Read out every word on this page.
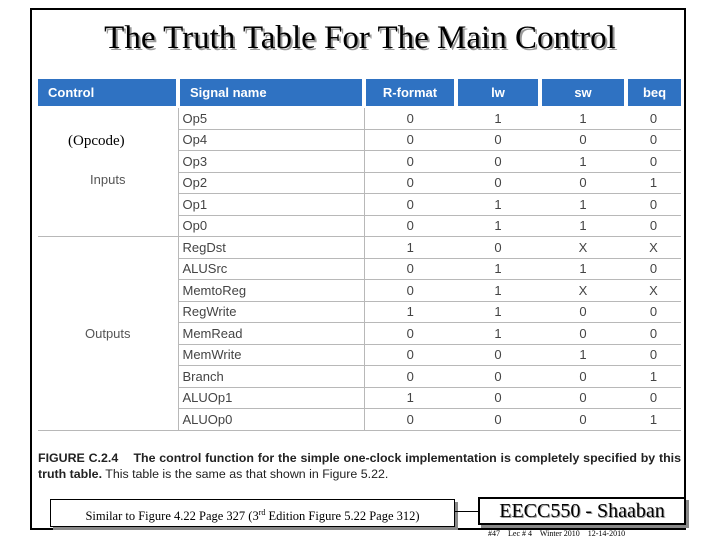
The Truth Table For The Main Control
Control	Signal name	R-format	lw	sw	beq
Inputs	Op5	0	1	1	0
	Op4	0	0	0	0
	Op3	0	0	1	0
	Op2	0	0	0	1
	Op1	0	1	1	0
	Op0	0	1	1	0
Outputs	RegDst	1	0	X	X
	ALUSrc	0	1	1	0
	MemtoReg	0	1	X	X
	RegWrite	1	1	0	0
	MemRead	0	1	0	0
	MemWrite	0	0	1	0
	Branch	0	0	0	1
	ALUOp1	1	0	0	0
	ALUOp0	0	0	0	1
(Opcode)
FIGURE C.2.4 The control function for the simple one-clock implementation is completely specified by this truth table. This table is the same as that shown in Figure 5.22.
Similar to Figure 4.22 Page 327 (3rd Edition Figure 5.22 Page 312)	EECC550 - Shaaban
#47 Lec # 4 Winter 2010 12-14-2010
